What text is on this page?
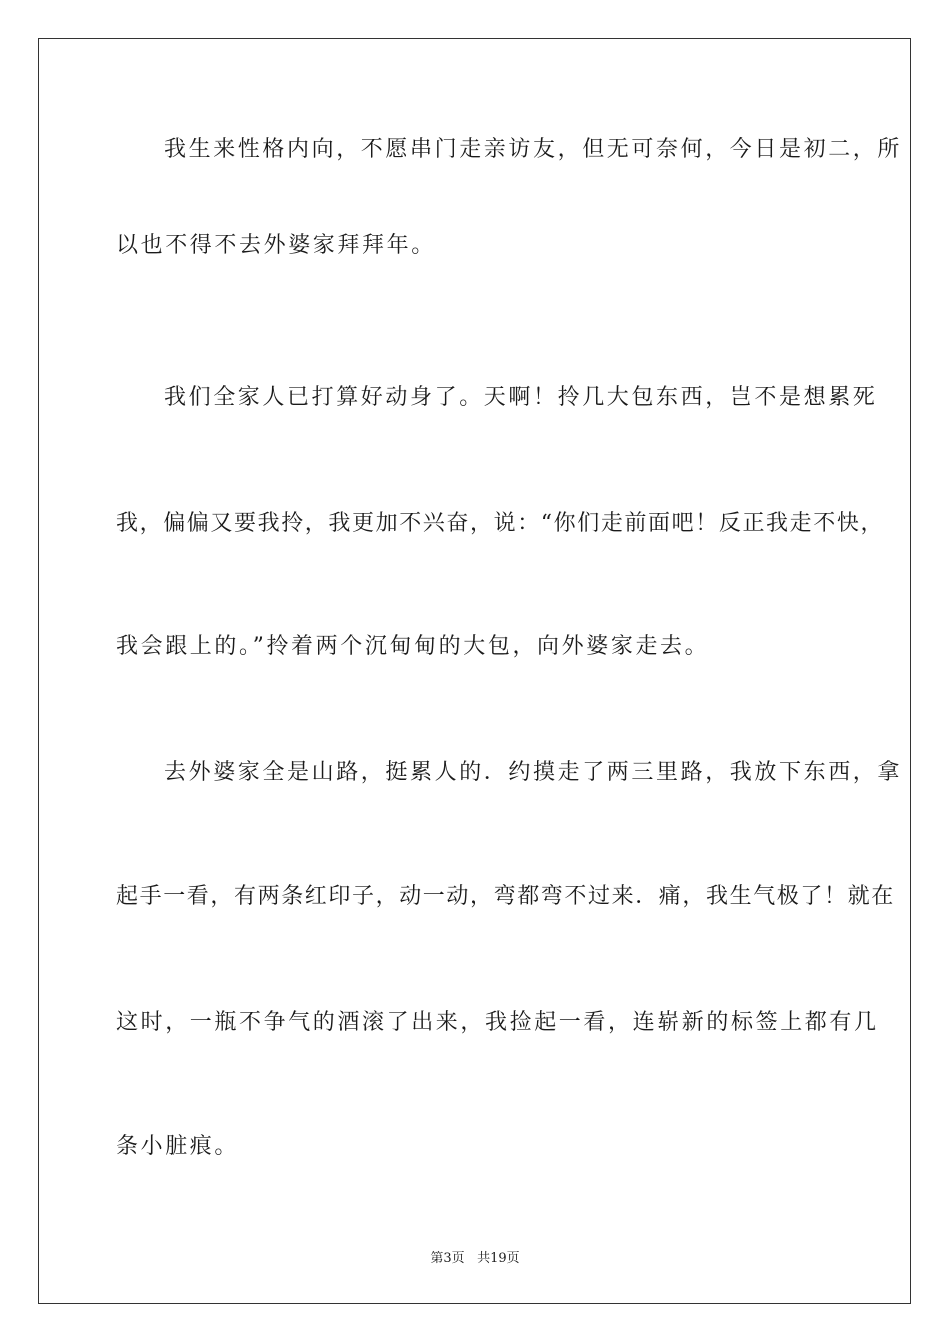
我生来性格内向，不愿串门走亲访友，但无可奈何，今日是初二，所

以也不得不去外婆家拜拜年。

我们全家人已打算好动身了。天啊！拎几大包东西，岂不是想累死

我，偏偏又要我拎，我更加不兴奋，说：“你们走前面吧！反正我走不快，

我会跟上的。”拎着两个沉甸甸的大包，向外婆家走去。

去外婆家全是山路，挺累人的．约摸走了两三里路，我放下东西，拿

起手一看，有两条红印子，动一动，弯都弯不过来．痛，我生气极了！就在

这时，一瓶不争气的酒滚了出来，我捡起一看，连崭新的标签上都有几

条小脏痕。

第3页 共19页
